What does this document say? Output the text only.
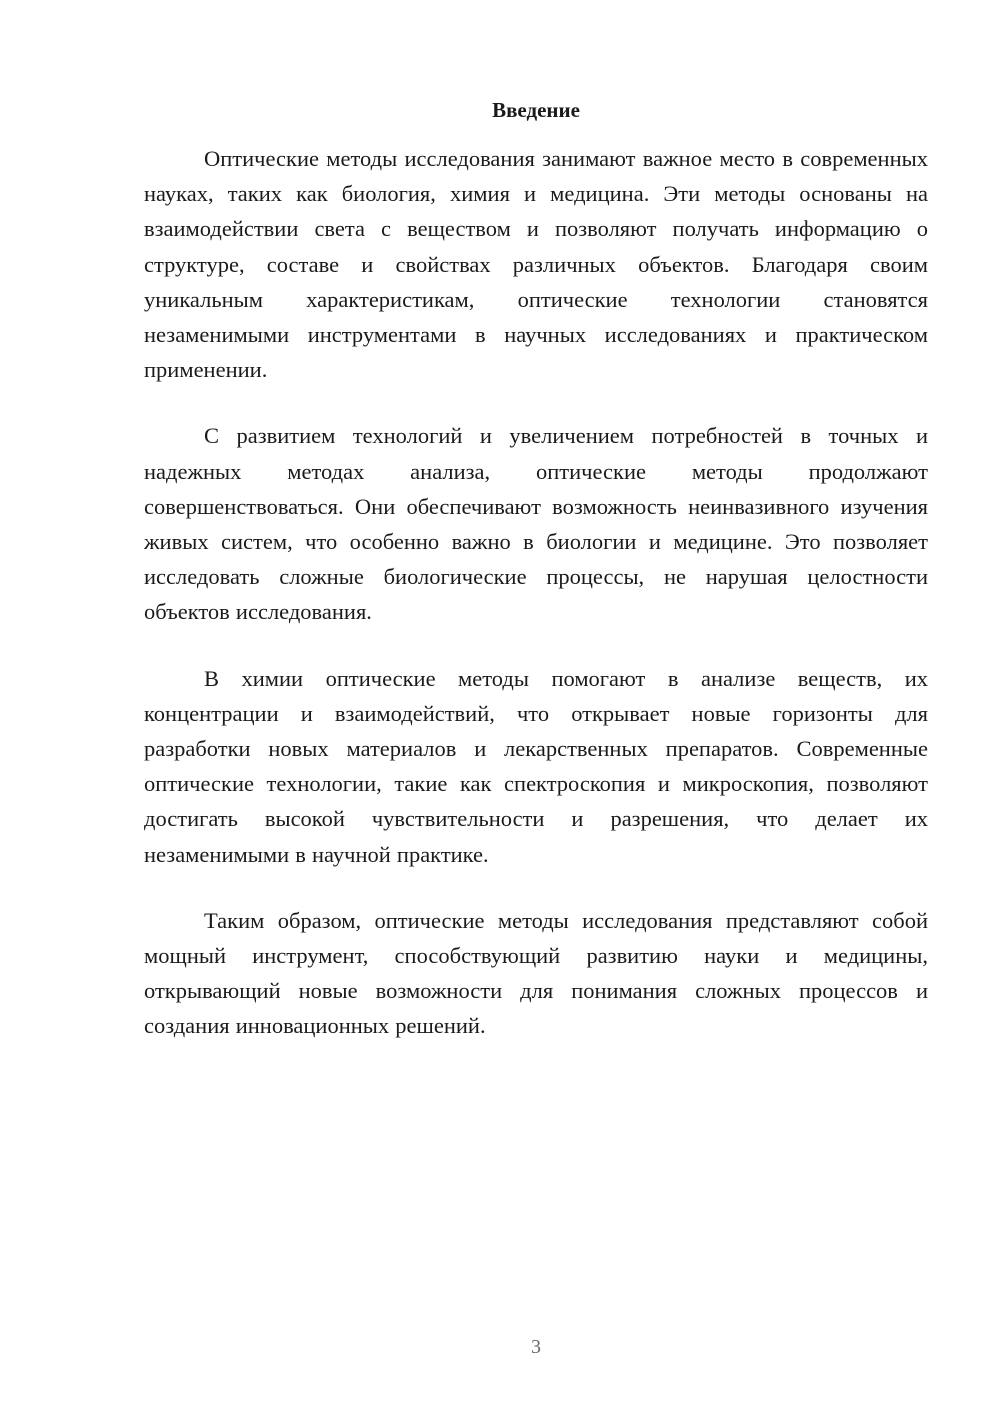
Введение

Оптические методы исследования занимают важное место в современных науках, таких как биология, химия и медицина. Эти методы основаны на взаимодействии света с веществом и позволяют получать информацию о структуре, составе и свойствах различных объектов. Благодаря своим уникальным характеристикам, оптические технологии становятся незаменимыми инструментами в научных исследованиях и практическом применении.

С развитием технологий и увеличением потребностей в точных и надежных методах анализа, оптические методы продолжают совершенствоваться. Они обеспечивают возможность неинвазивного изучения живых систем, что особенно важно в биологии и медицине. Это позволяет исследовать сложные биологические процессы, не нарушая целостности объектов исследования.

В химии оптические методы помогают в анализе веществ, их концентрации и взаимодействий, что открывает новые горизонты для разработки новых материалов и лекарственных препаратов. Современные оптические технологии, такие как спектроскопия и микроскопия, позволяют достигать высокой чувствительности и разрешения, что делает их незаменимыми в научной практике.

Таким образом, оптические методы исследования представляют собой мощный инструмент, способствующий развитию науки и медицины, открывающий новые возможности для понимания сложных процессов и создания инновационных решений.

3
